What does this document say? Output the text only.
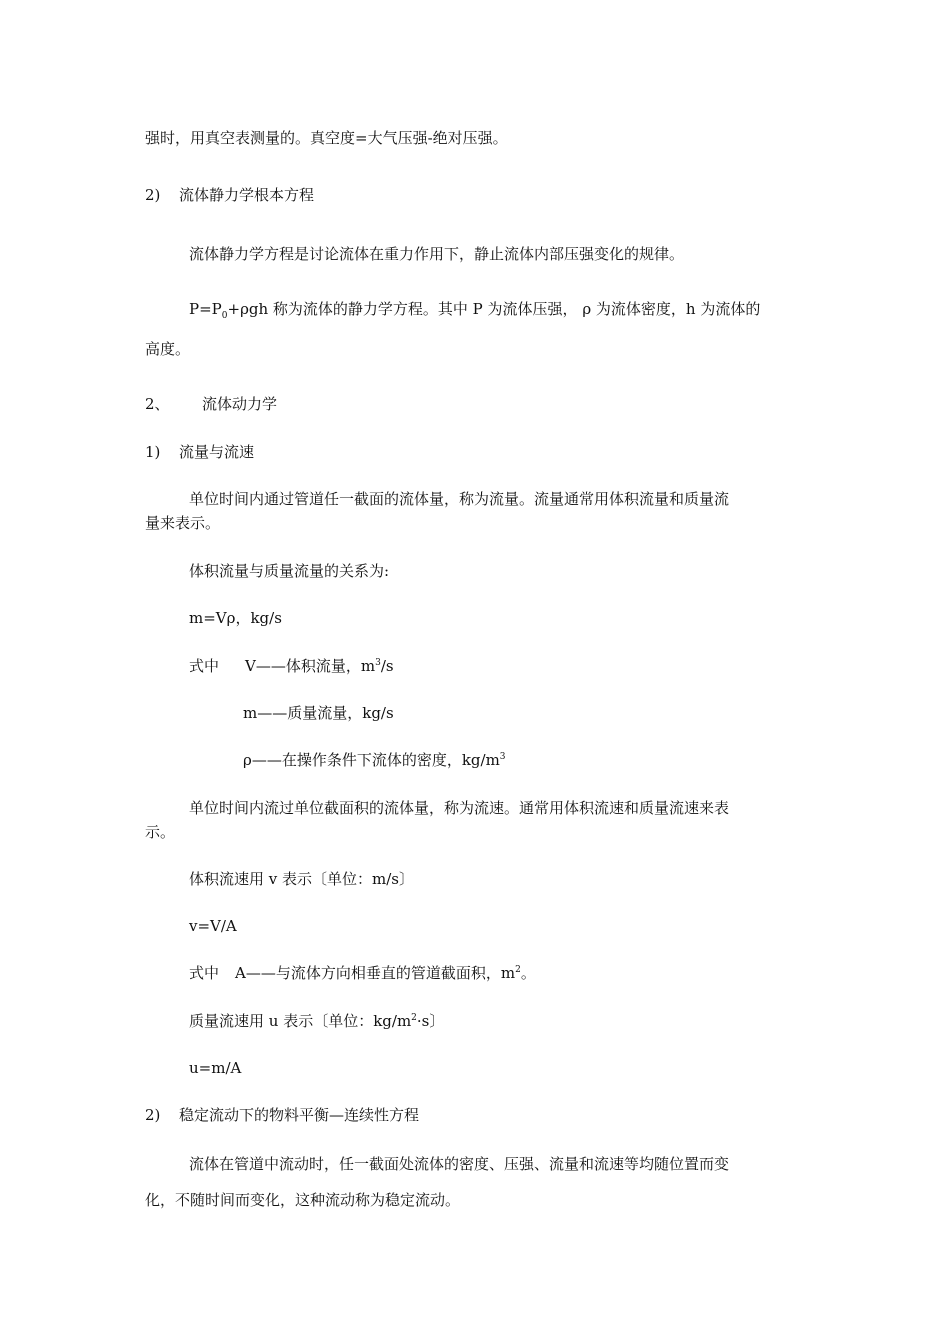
强时，用真空表测量的。真空度=大气压强-绝对压强。
2) 流体静力学根本方程
流体静力学方程是讨论流体在重力作用下，静止流体内部压强变化的规律。
$P=P_0+\rho gh$ 称为流体的静力学方程。其中 P 为流体压强， ρ 为流体密度，h 为流体的
高度。
2、 流体动力学
1) 流量与流速
单位时间内通过管道任一截面的流体量，称为流量。流量通常用体积流量和质量流
量来表示。
体积流量与质量流量的关系为:
m=Vρ，kg/s
式中 V——体积流量，$m^3/s$
m——质量流量，kg/s
ρ——在操作条件下流体的密度，$kg/m^3$
单位时间内流过单位截面积的流体量，称为流速。通常用体积流速和质量流速来表
示。
体积流速用 v 表示〔单位：m/s〕
v=V/A
式中 A——与流体方向相垂直的管道截面积，$m^2$。
质量流速用 u 表示〔单位：$kg/m^2\cdot s$〕
u=m/A
2) 稳定流动下的物料平衡—连续性方程
流体在管道中流动时，任一截面处流体的密度、压强、流量和流速等均随位置而变
化，不随时间而变化，这种流动称为稳定流动。
